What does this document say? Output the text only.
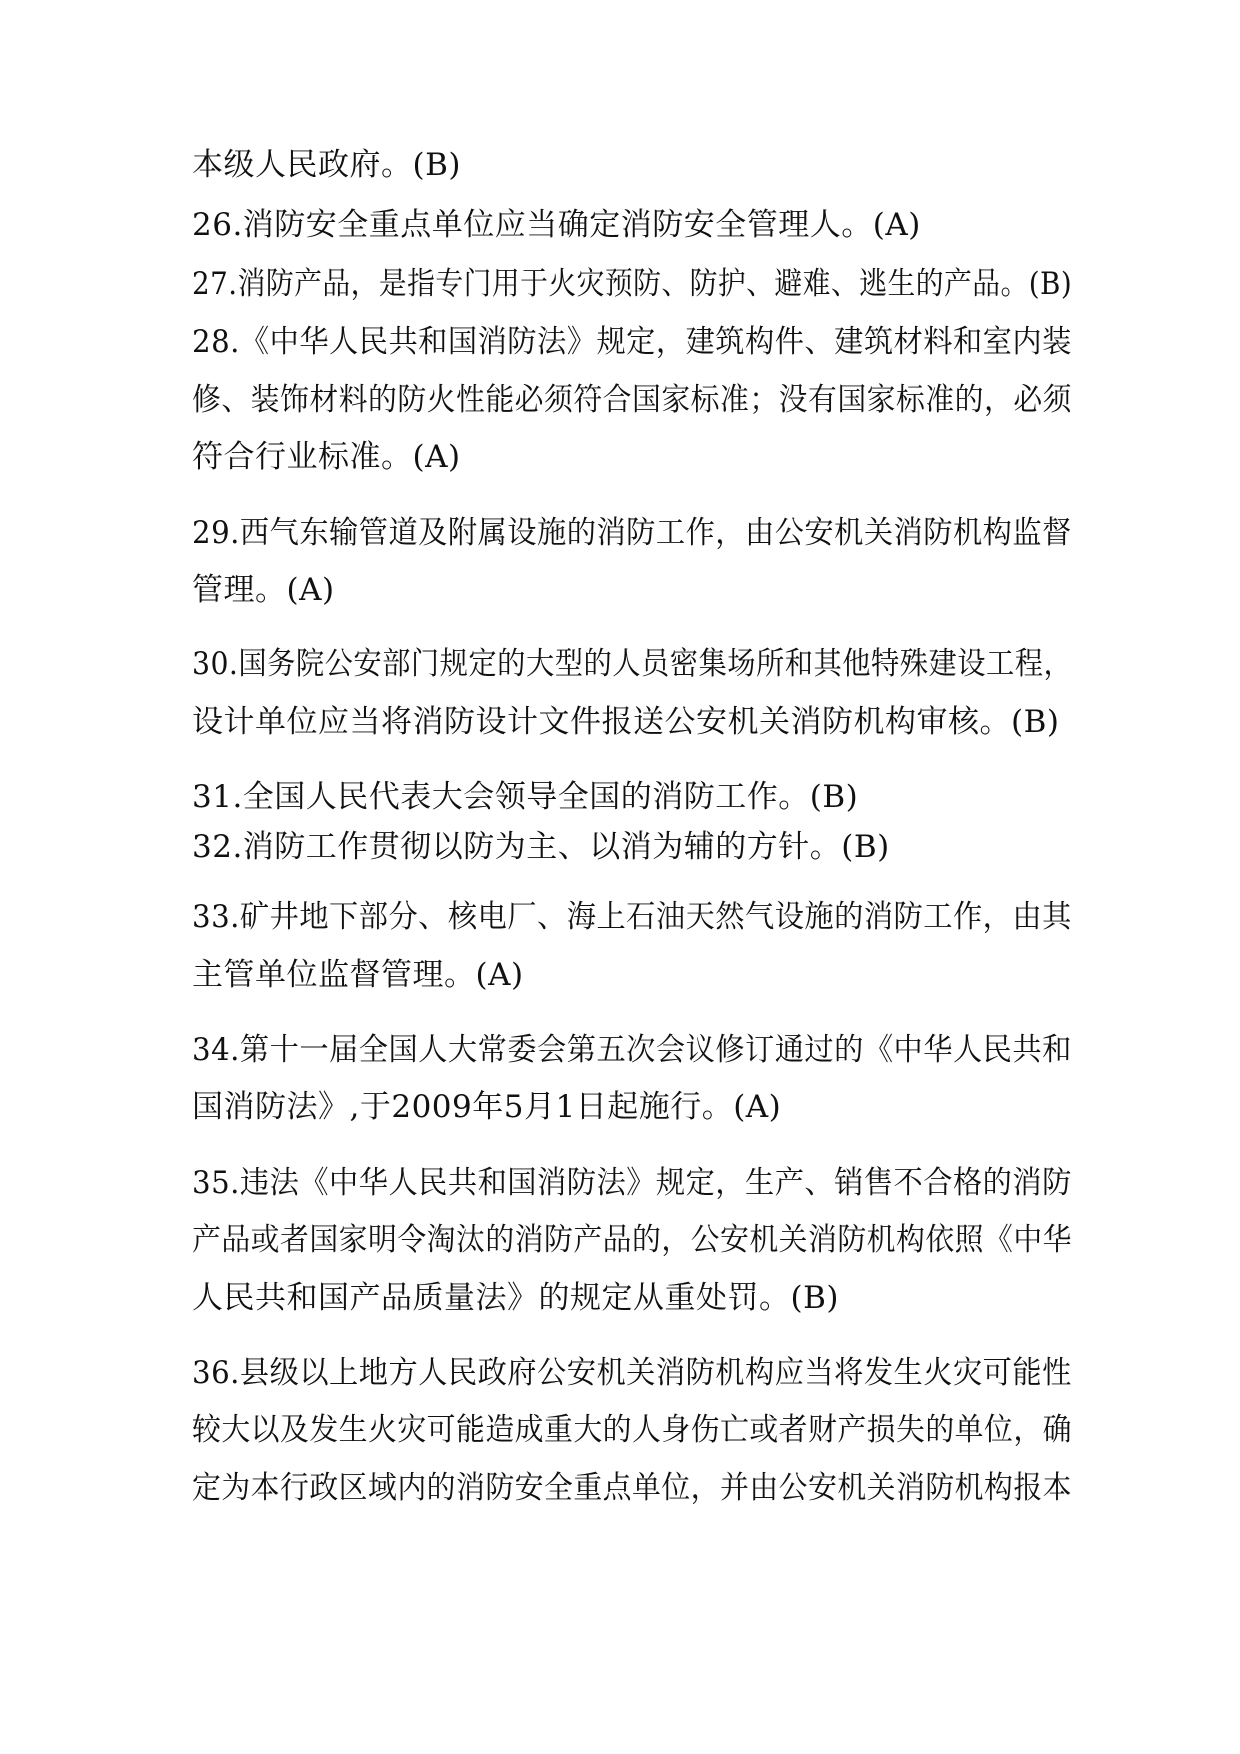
本级人民政府。(B)
26.消防安全重点单位应当确定消防安全管理人。(A)
27.消防产品，是指专门用于火灾预防、防护、避难、逃生的产品。(B)
28.《中华人民共和国消防法》规定，建筑构件、建筑材料和室内装
修、装饰材料的防火性能必须符合国家标准；没有国家标准的，必须
符合行业标准。(A)
29.西气东输管道及附属设施的消防工作，由公安机关消防机构监督
管理。(A)
30.国务院公安部门规定的大型的人员密集场所和其他特殊建设工程，
设计单位应当将消防设计文件报送公安机关消防机构审核。(B)
31.全国人民代表大会领导全国的消防工作。(B)
32.消防工作贯彻以防为主、以消为辅的方针。(B)
33.矿井地下部分、核电厂、海上石油天然气设施的消防工作，由其
主管单位监督管理。(A)
34.第十一届全国人大常委会第五次会议修订通过的《中华人民共和
国消防法》,于2009年5月1日起施行。(A)
35.违法《中华人民共和国消防法》规定，生产、销售不合格的消防
产品或者国家明令淘汰的消防产品的，公安机关消防机构依照《中华
人民共和国产品质量法》的规定从重处罚。(B)
36.县级以上地方人民政府公安机关消防机构应当将发生火灾可能性
较大以及发生火灾可能造成重大的人身伤亡或者财产损失的单位，确
定为本行政区域内的消防安全重点单位，并由公安机关消防机构报本
